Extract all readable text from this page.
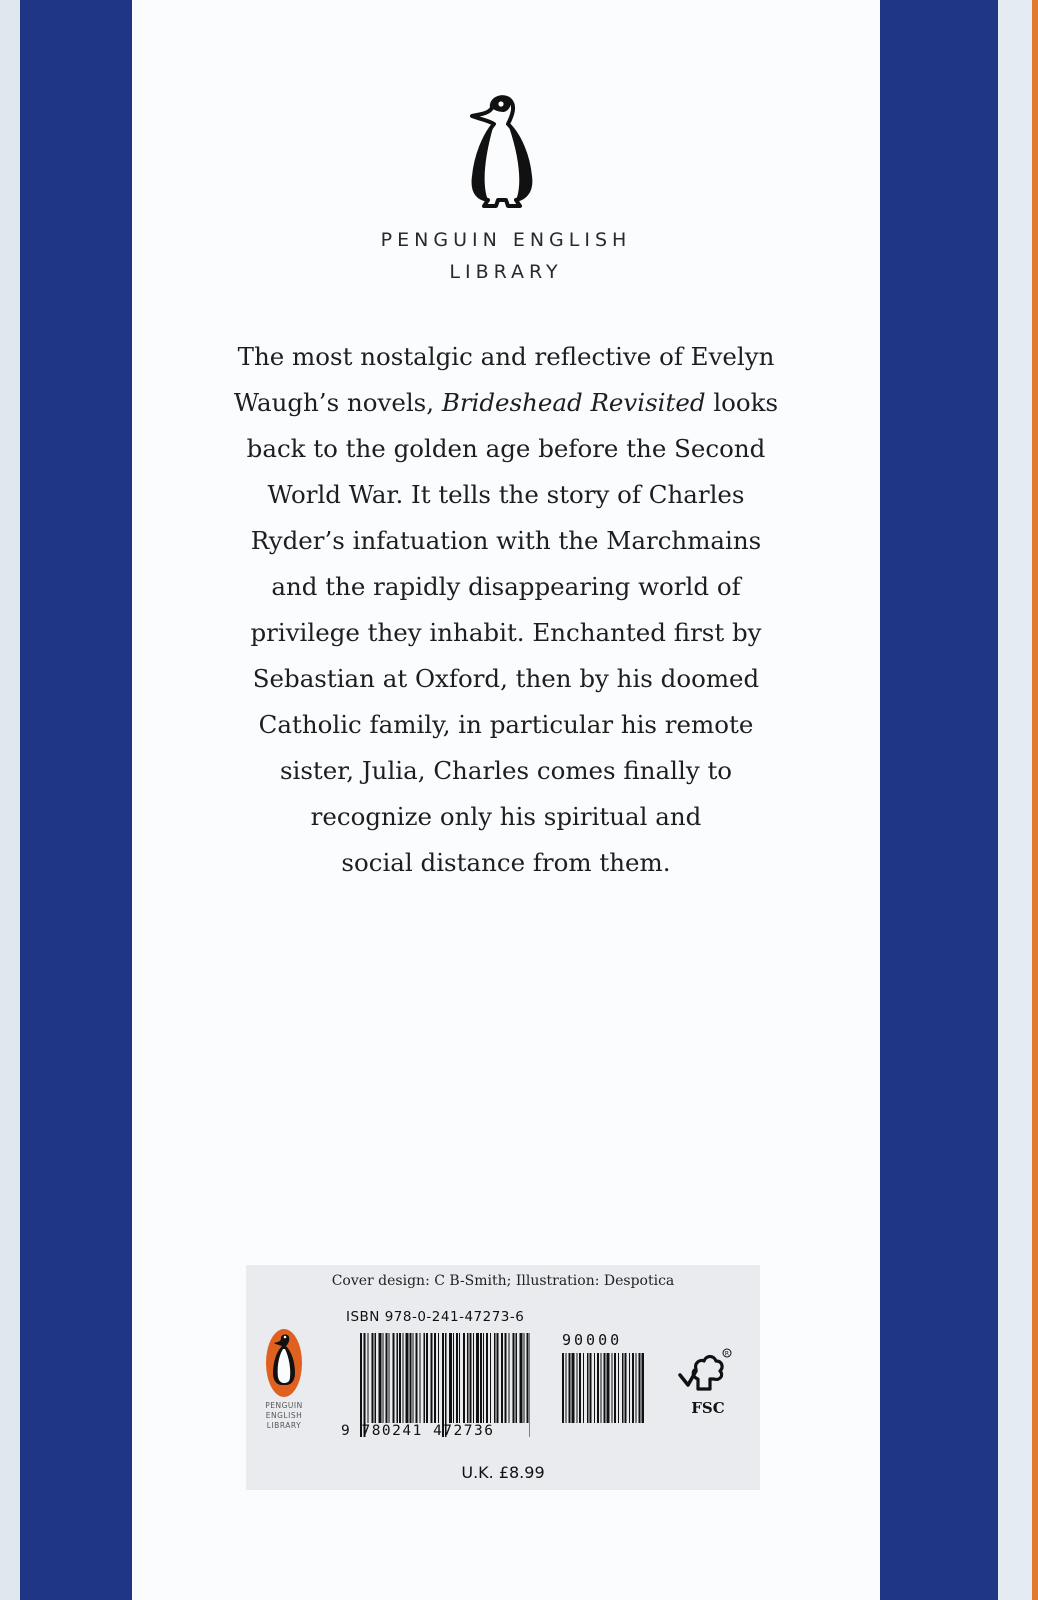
PENGUIN ENGLISH
LIBRARY
The most nostalgic and reflective of Evelyn
Waugh’s novels, Brideshead Revisited looks
back to the golden age before the Second
World War. It tells the story of Charles
Ryder’s infatuation with the Marchmains
and the rapidly disappearing world of
privilege they inhabit. Enchanted first by
Sebastian at Oxford, then by his doomed
Catholic family, in particular his remote
sister, Julia, Charles comes finally to
recognize only his spiritual and
social distance from them.
Cover design: C B-Smith; Illustration: Despotica
ISBN 978-0-241-47273-6
PENGUIN
ENGLISH
LIBRARY
90000
9 780241 472736
R
FSC
U.K. £8.99
